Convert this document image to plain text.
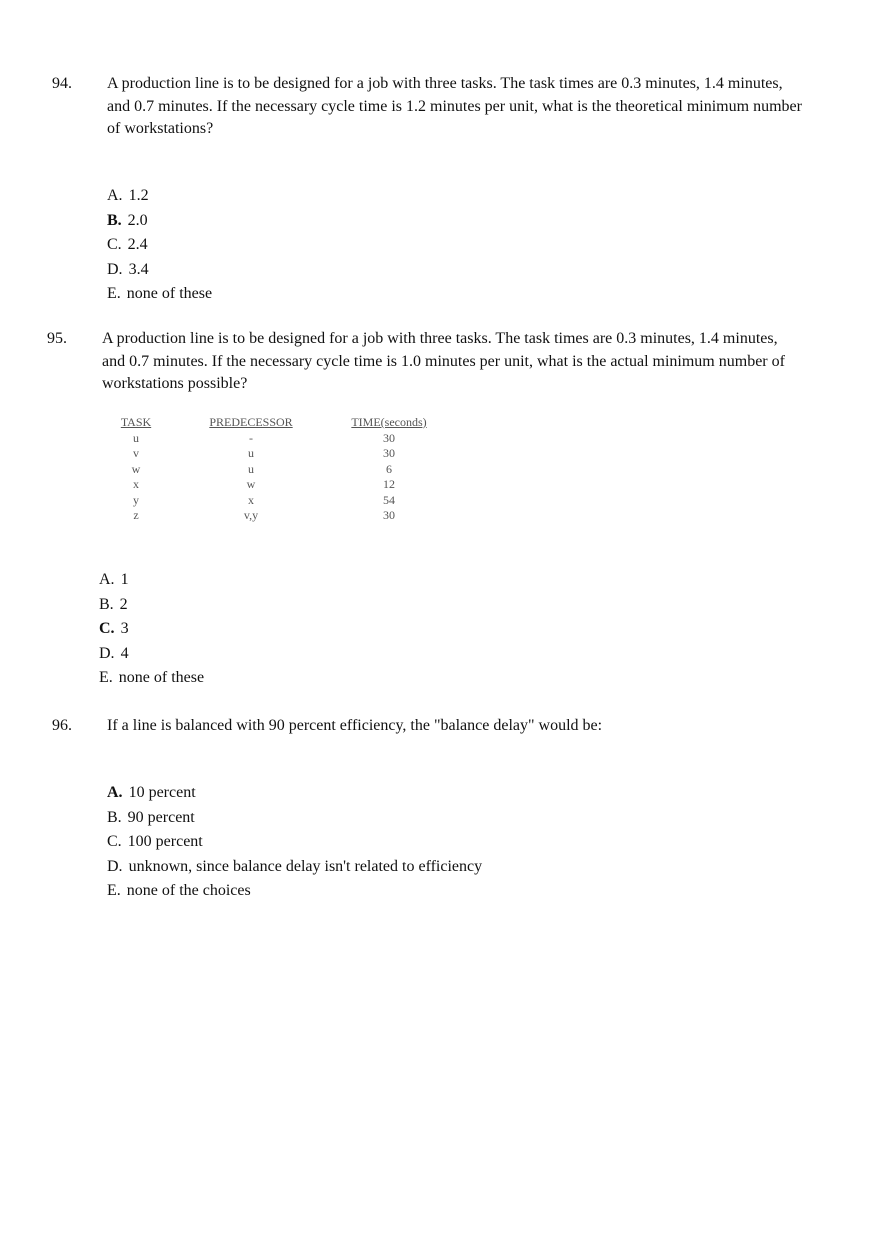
94. A production line is to be designed for a job with three tasks. The task times are 0.3 minutes, 1.4 minutes, and 0.7 minutes. If the necessary cycle time is 1.2 minutes per unit, what is the theoretical minimum number of workstations?
A. 1.2
B. 2.0
C. 2.4
D. 3.4
E. none of these
95. A production line is to be designed for a job with three tasks. The task times are 0.3 minutes, 1.4 minutes, and 0.7 minutes. If the necessary cycle time is 1.0 minutes per unit, what is the actual minimum number of workstations possible?
TASK	PREDECESSOR	TIME(seconds)
u	-	30
v	u	30
w	u	6
x	w	12
y	x	54
z	v,y	30
A. 1
B. 2
C. 3
D. 4
E. none of these
96. If a line is balanced with 90 percent efficiency, the "balance delay" would be:
A. 10 percent
B. 90 percent
C. 100 percent
D. unknown, since balance delay isn't related to efficiency
E. none of the choices
